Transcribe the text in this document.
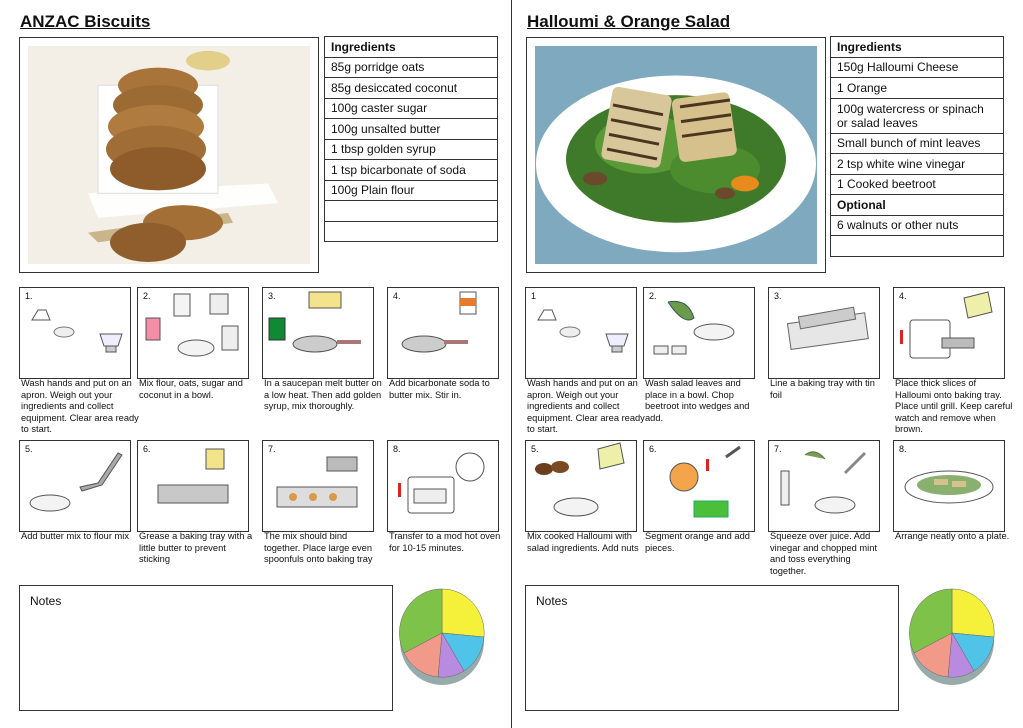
ANZAC Biscuits
Ingredients
85g porridge oats
85g desiccated coconut
100g caster sugar
100g unsalted butter
1 tbsp golden syrup
1 tsp bicarbonate of soda
100g Plain flour
1.
Wash hands and put on an apron. Weigh out your ingredients and collect equipment. Clear area ready to start.
2.
Mix flour, oats, sugar and coconut in a bowl.
3.
In a saucepan melt butter on a low heat. Then add golden syrup, mix thoroughly.
4.
Add bicarbonate soda to butter mix. Stir in.
5.
Add butter mix to flour mix
6.
Grease a baking tray with a little butter to prevent sticking
7.
The mix should bind together. Place large even spoonfuls onto baking tray
8.
Transfer to a mod hot oven for 10-15 minutes.
Notes
Halloumi & Orange Salad
Ingredients
150g Halloumi Cheese
1 Orange
100g watercress or spinach or salad leaves
Small bunch of mint leaves
2 tsp white wine vinegar
1 Cooked beetroot
Optional
6 walnuts or other nuts
1
Wash hands and put on an apron. Weigh out your ingredients and collect equipment. Clear area ready to start.
2.
Wash salad leaves and place in a bowl. Chop beetroot into wedges and add.
3.
Line a baking tray with tin foil
4.
Place thick slices of Halloumi onto baking tray. Place until grill. Keep careful watch and remove when brown.
5.
Mix cooked Halloumi with salad ingredients. Add nuts
6.
Segment orange and add pieces.
7.
Squeeze over juice. Add vinegar and chopped mint and toss everything together.
8.
Arrange neatly onto a plate.
Notes
